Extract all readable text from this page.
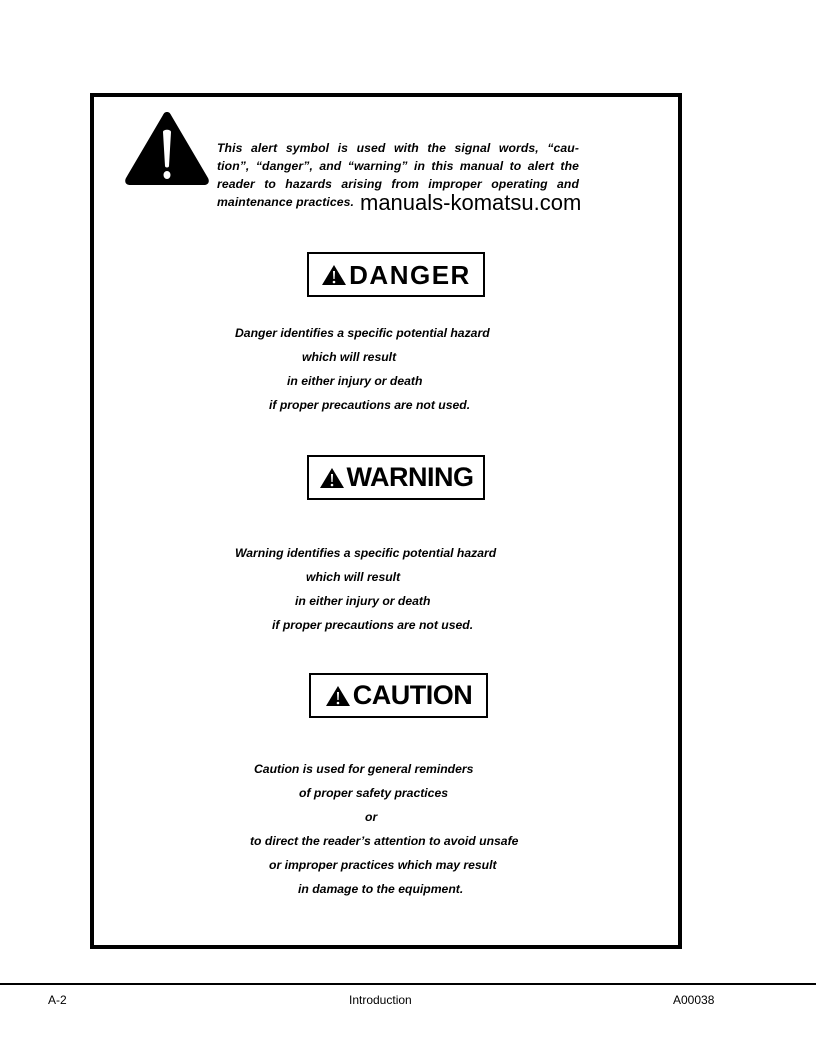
This alert symbol is used with the signal words, “cau-
tion”, “danger”, and “warning” in this manual to alert the
reader to hazards arising from improper operating and
maintenance practices. manuals-komatsu.com
DANGER
Danger identifies a specific potential hazard
which will result
in either injury or death
if proper precautions are not used.
WARNING
Warning identifies a specific potential hazard
which will result
in either injury or death
if proper precautions are not used.
CAUTION
Caution is used for general reminders
of proper safety practices
or
to direct the reader’s attention to avoid unsafe
or improper practices which may result
in damage to the equipment.
A-2	Introduction	A00038
